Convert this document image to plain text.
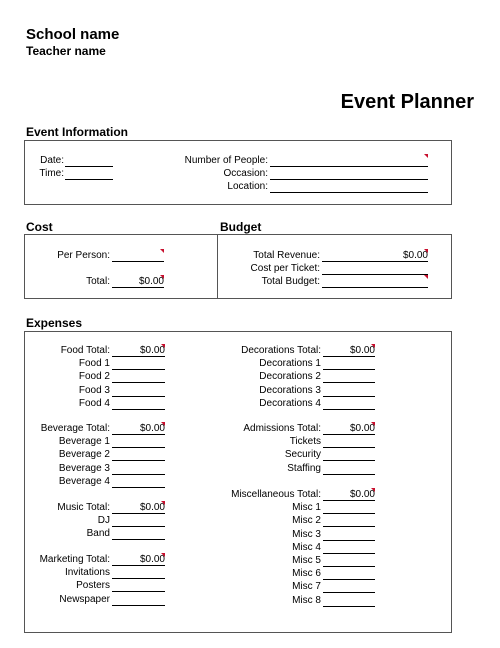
School name
Teacher name
Event Planner
Event Information
Date:
Time:
Number of People:
Occasion:
Location:
Cost	Budget
Per Person:
Total:	$0.00
Total Revenue:	$0.00
Cost per Ticket:
Total Budget:
Expenses
Food Total:	$0.00
Food 1
Food 2
Food 3
Food 4
Beverage Total:	$0.00
Beverage 1
Beverage 2
Beverage 3
Beverage 4
Music Total:	$0.00
DJ
Band
Marketing Total:	$0.00
Invitations
Posters
Newspaper
Decorations Total:	$0.00
Decorations 1
Decorations 2
Decorations 3
Decorations 4
Admissions Total:	$0.00
Tickets
Security
Staffing
Miscellaneous Total:	$0.00
Misc 1
Misc 2
Misc 3
Misc 4
Misc 5
Misc 6
Misc 7
Misc 8
